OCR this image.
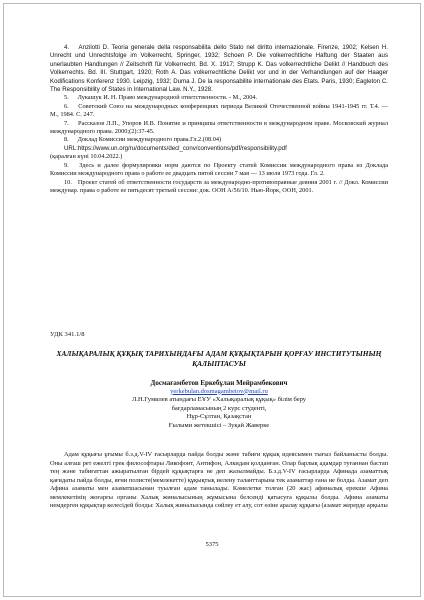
4. Anzilotti D. Teoria generale della responsabilita dello Stato nel diritto internazionale. Firenze, 1902; Kelsen H. Unrecht und Unrechtsfolge im Volkerrecht, Springer, 1932; Schoen P. Die volkerrechtliche Haftung der Staaten aus unerlaubten Handlungen // Zeitschrift für Volkerrecht. Bd. X. 1917; Strupp K. Das volkerrechtliche Delikt // Handbuch des Volkerrechts. Bd. III. Stuttgart, 1920; Roth A. Das volkerrechtliche Delikt vor und in der Verhandlungen auf der Haager Kodifications Konferenz 1930. Leipzig, 1932; Duma J. De la responsabilite internationale des Etats. Paris, 1930; Eagleton C. The Responsibility of States in International Law. N.Y., 1928.

5. Лукашук И. Н. Право международной ответственности. - М., 2004.

6. Советский Союз на международных конференциях периода Великой Отечественной войны 1941-1945 гг. Т.4. — М., 1984. С. 247.

7. Рассказов Л.П., Упоров И.В. Понятие и принципы ответственности в международном праве. Московский журнал международного права. 2000;(2):37-45.

8. Доклад Комиссии международного права.Гл.2.(08.04)

URL:https://www.un.org/ru/documents/decl_conv/conventions/pdf/responsibility.pdf

(қаралған күні 10.04.2022.)

9. Здесь и далее формулировки норм даются по Проекту статей Комиссии международного права из Доклада Комиссии международного права о работе ее двадцать пятой сессии 7 мая — 13 июля 1973 года. Гл. 2.

10. Проект статей об ответственности государств за международно-противоправные деяния 2001 г. // Докл. Комиссии междунар. права о работе ее пятьдесят третьей сессии: док. ООН A/56/10. Нью-Йорк, ООН, 2001.

УДК 341.1/8
ХАЛЫҚАРАЛЫҚ ҚҰҚЫҚ ТАРИХЫНДАҒЫ АДАМ ҚҰҚЫҚТАРЫН ҚОРҒАУ ИНСТИТУТЫНЫҢ ҚАЛЫПТАСУЫ
Досмағамбетов Еркебұлан Мейрамбекович
yerkebulan.dosmagambetov@mail.ru
Л.Н.Гумилев атындағы ЕҰУ «Халықаралық құқық» білім беру
бағдарламасының 2 курс студенті,
Нұр-Сұлтан, Қазақстан
Ғылыми жетекшісі – Зуқай Жаверке

Адам құқығы ұғымы б.з.д.V-IV ғасырларда пайда болды және табиғи құқық идеясымен тығыз байланысты болды. Оны алғаш рет ежелгі грек философтары Ликофонт, Антифон, Алкидам қолданған. Олар барлық адамдар туғаннан бастап тең және табиғаттан ажыратылған бірдей құқықтарға не деп жазылмайды. Б.з.д.V-IV ғасырларда Афинада азаматтық қағидаты пайда болды, яғни полисте(мемлекетте) құқықтық иелену таланттарына тек азаматтар ғана ие болды. Азамат деп Афина азаматы мен азаматшасынан туылған адам танылады. Кәмелетке толған (20 жас) афиналық ерекше Афина мемлекетінің жоғарғы органы Халық жиналысының жұмысына белсенді қатысуға құқылы болды. Афина азаматы немдерген құқықтар келесідей болды: Халық жиналысында сөйлеу ет алу, сот өзіне аралау құқығы (азамат жерерде арқылы

5375
